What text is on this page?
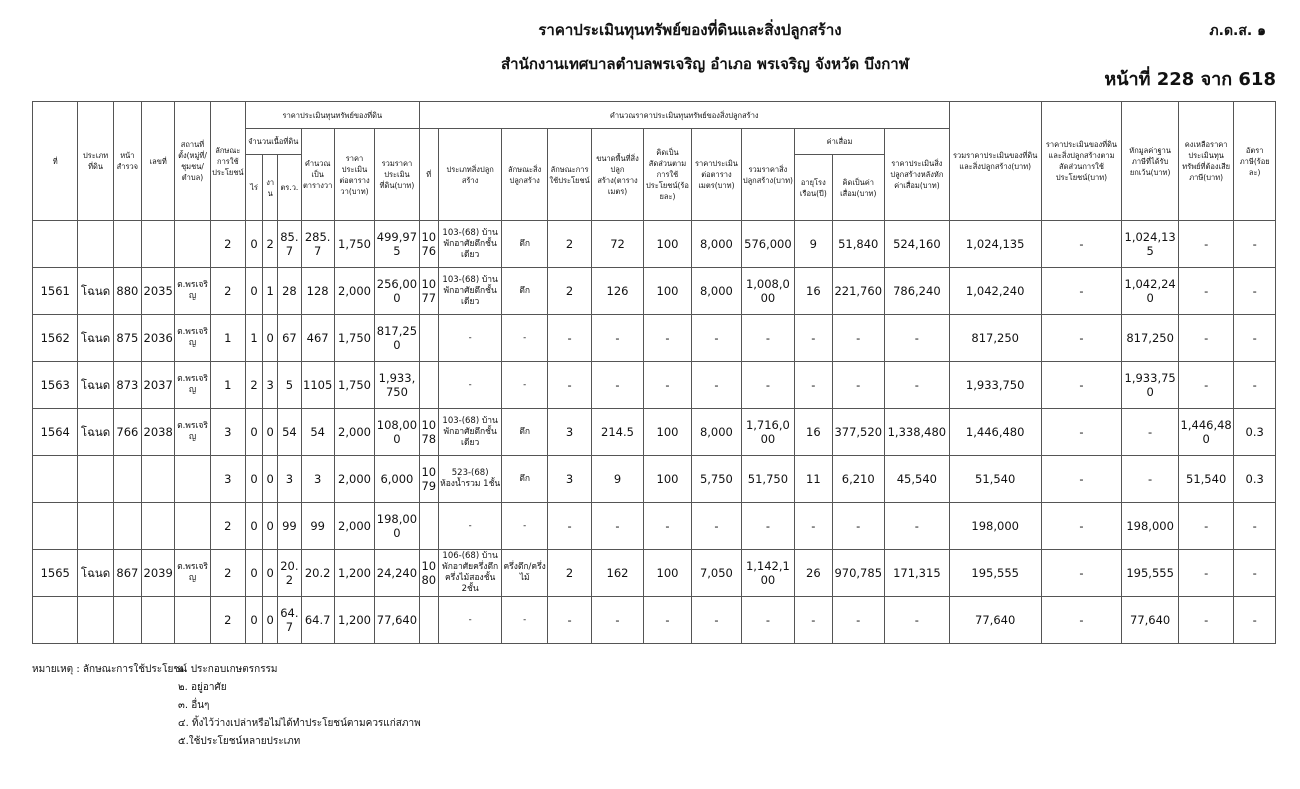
ราคาประเมินทุนทรัพย์ของที่ดินและสิ่งปลูกสร้าง
สำนักงานเทศบาลตำบลพรเจริญ อำเภอ พรเจริญ จังหวัด บึงกาฬ
ภ.ด.ส. ๑
หน้าที่ 228 จาก 618
ที่	ประเภทที่ดิน	หน้าสำรวจ	เลขที่	สถานที่ตั้ง(หมู่ที่/ชุมชน/ตำบล)	ลักษณะการใช้ประโยชน์	ราคาประเมินทุนทรัพย์ของที่ดิน						คำนวณราคาประเมินทุนทรัพย์ของสิ่งปลูกสร้าง											รวมราคาประเมินของที่ดินและสิ่งปลูกสร้าง(บาท)	ราคาประเมินของที่ดินและสิ่งปลูกสร้างตามสัดส่วนการใช้ประโยชน์(บาท)	หักมูลค่าฐานภาษีที่ได้รับยกเว้น(บาท)	คงเหลือราคาประเมินทุนทรัพย์ที่ต้องเสียภาษี(บาท)	อัตราภาษี(ร้อยละ)
						จำนวนเนื้อที่ดิน			คำนวณเป็นตารางวา	ราคาประเมินต่อตารางวา(บาท)	รวมราคาประเมินที่ดิน(บาท)	ที่	ประเภทสิ่งปลูกสร้าง	ลักษณะสิ่งปลูกสร้าง	ลักษณะการใช้ประโยชน์	ขนาดพื้นที่สิ่งปลูกสร้าง(ตารางเมตร)	คิดเป็นสัดส่วนตามการใช้ประโยชน์(ร้อยละ)	ราคาประเมินต่อตารางเมตร(บาท)	รวมราคาสิ่งปลูกสร้าง(บาท)	ค่าเสื่อม		ราคาประเมินสิ่งปลูกสร้างหลังหักค่าเสื่อม(บาท)					
						ไร่	งาน	ตร.ว.												อายุโรงเรือน(ปี)	คิดเป็นค่าเสื่อม(บาท)						
					2	0	2	85.7	285.7	1,750	499,975	1076	103-(68) บ้านพักอาศัยตึกชั้นเดียว	ตึก	2	72	100	8,000	576,000	9	51,840	524,160	1,024,135	-	1,024,135	-	-
1561	โฉนด	880	2035	ต.พรเจริญ	2	0	1	28	128	2,000	256,000	1077	103-(68) บ้านพักอาศัยตึกชั้นเดียว	ตึก	2	126	100	8,000	1,008,000	16	221,760	786,240	1,042,240	-	1,042,240	-	-
1562	โฉนด	875	2036	ต.พรเจริญ	1	1	0	67	467	1,750	817,250		-	-	-	-	-	-	-	-	-	-	817,250	-	817,250	-	-
1563	โฉนด	873	2037	ต.พรเจริญ	1	2	3	5	1105	1,750	1,933,750		-	-	-	-	-	-	-	-	-	-	1,933,750	-	1,933,750	-	-
1564	โฉนด	766	2038	ต.พรเจริญ	3	0	0	54	54	2,000	108,000	1078	103-(68) บ้านพักอาศัยตึกชั้นเดียว	ตึก	3	214.5	100	8,000	1,716,000	16	377,520	1,338,480	1,446,480	-	-	1,446,480	0.3
					3	0	0	3	3	2,000	6,000	1079	523-(68) ห้องน้ำรวม 1ชั้น	ตึก	3	9	100	5,750	51,750	11	6,210	45,540	51,540	-	-	51,540	0.3
					2	0	0	99	99	2,000	198,000		-	-	-	-	-	-	-	-	-	-	198,000	-	198,000	-	-
1565	โฉนด	867	2039	ต.พรเจริญ	2	0	0	20.2	20.2	1,200	24,240	1080	106-(68) บ้านพักอาศัยครึ่งตึกครึ่งไม้สองชั้น 2ชั้น	ครึ่งตึก/ครึ่งไม้	2	162	100	7,050	1,142,100	26	970,785	171,315	195,555	-	195,555	-	-
					2	0	0	64.7	64.7	1,200	77,640		-	-	-	-	-	-	-	-	-	-	77,640	-	77,640	-	-
หมายเหตุ : ลักษณะการใช้ประโยชน์๑. ประกอบเกษตรกรรม
๒. อยู่อาศัย
๓. อื่นๆ
๔. ทิ้งไว้ว่างเปล่าหรือไม่ได้ทำประโยชน์ตามควรแก่สภาพ
๕.ใช้ประโยชน์หลายประเภท
